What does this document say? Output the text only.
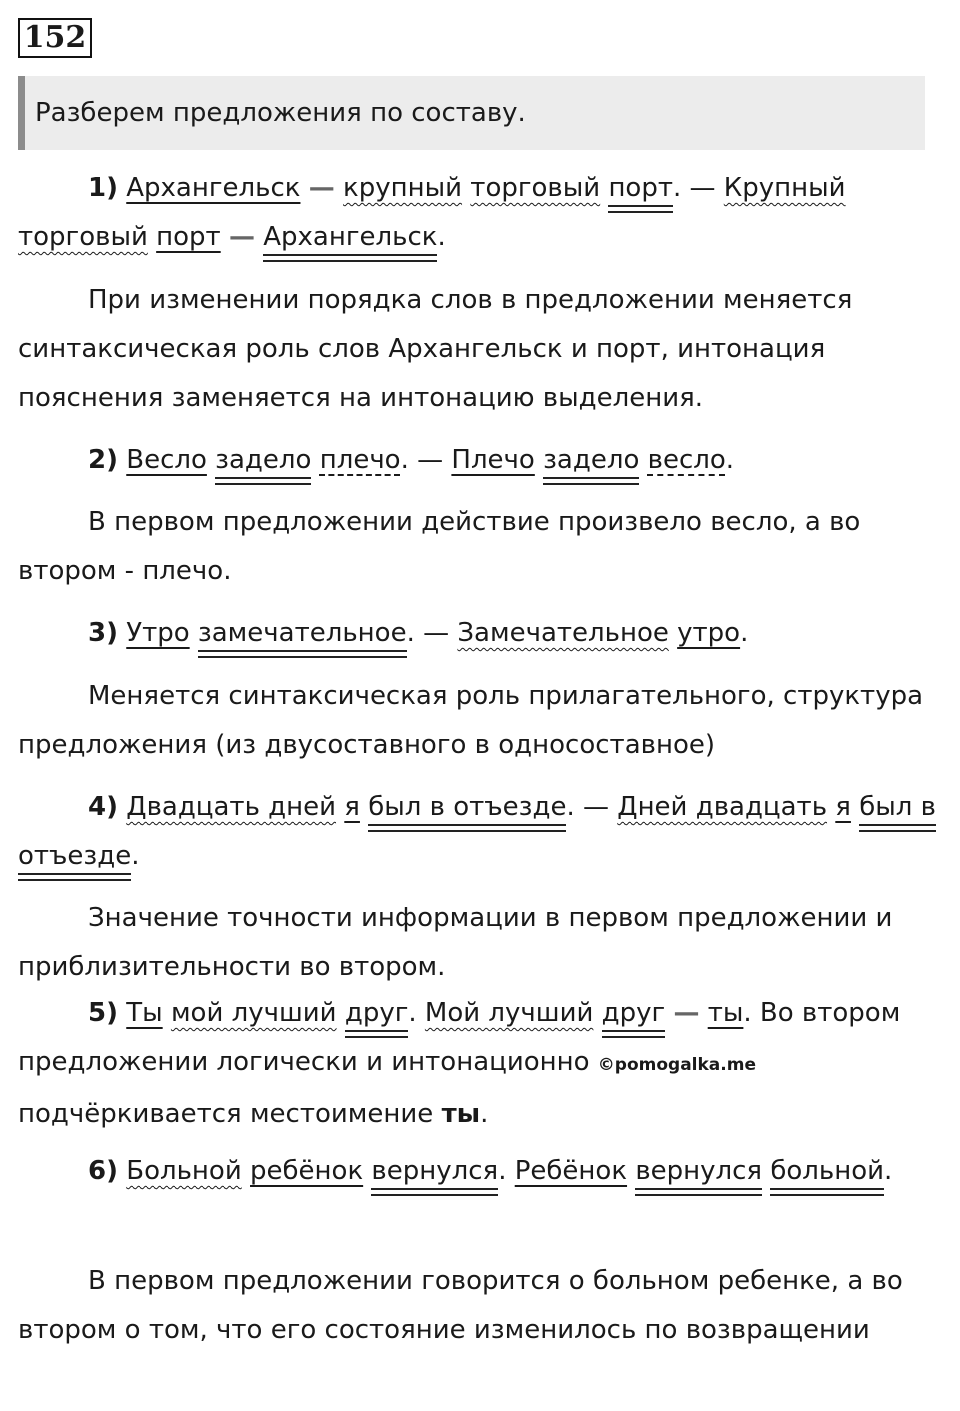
152
Разберем предложения по составу.

1) Архангельск — крупный торговый порт. — Крупный торговый порт — Архангельск.

При изменении порядка слов в предложении меняется синтаксическая роль слов Архангельск и порт, интонация пояснения заменяется на интонацию выделения.

2) Весло задело плечо. — Плечо задело весло.

В первом предложении действие произвело весло, а во втором - плечо.

3) Утро замечательное. — Замечательное утро.

Меняется синтаксическая роль прилагательного, структура предложения (из двусоставного в односоставное)

4) Двадцать дней я был в отъезде. — Дней двадцать я был в отъезде.

Значение точности информации в первом предложении и приблизительности во втором.

5) Ты мой лучший друг. Мой лучший друг — ты. Во втором предложении логически и интонационно ©pomogalka.me подчёркивается местоимение ты.

6) Больной ребёнок вернулся. Ребёнок вернулся больной.

В первом предложении говорится о больном ребенке, а во втором о том, что его состояние изменилось по возвращении
